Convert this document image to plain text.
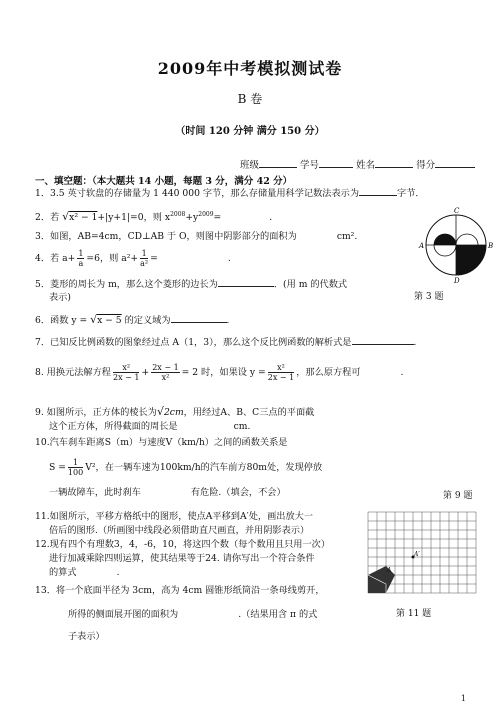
2009年中考模拟测试卷
B 卷
（时间 120 分钟 满分 150 分）
班级	学号	姓名	得分
一、填空题：（本大题共 14 小题，每题 3 分，满分 42 分）
1．3.5 英寸软盘的存储量为 1 440 000 字节，那么存储量用科学记数法表示为	字节．
2．若 √x² − 1+|y+1|=0，则 $x^{2008}+y^{2009}=$	.
3．如图，AB=4cm，CD⊥AB 于 O，则图中阴影部分的面积为	cm².
4．若 $a+ \frac{1}{a} =6$，则 $a^2+ \frac{1}{\text{a²}}$ =	.
5．菱形的周长为 m，那么这个菱形的边长为	．(用 m 的代数式
表示)
6．函数 y = √x − 5 的定义域为	.
7．已知反比例函数的图象经过点 A（1，3），那么这个反比例函数的解析式是	.
8. 用换元法解方程 $\frac{\text{x²}}{2x - 1} + \frac{2x - 1}{\text{x²}} = 2$ 时，如果设 $y = \frac{\text{x²}}{2x - 1}$ ，那么原方程可	.
9. 如图所示，正方体的棱长为√2cm，用经过A、B、C三点的平面截
这个正方体，所得截面的周长是	cm.
10.汽车刹车距离S（m）与速度V（km/h）之间的函数关系是
$S = \frac{1}{100} V^2$，在一辆车速为100km/h的汽车前方80m处，发现停放
一辆故障车，此时刹车	有危险.（填会，不会）
11.如图所示，平移方格纸中的图形，使点A平移到A′处，画出放大一
倍后的图形.（所画图中线段必须借助直尺画直，并用阴影表示）
12.现有四个有理数3，4，-6，10，将这四个数（每个数用且只用一次）
进行加减乘除四则运算，使其结果等于24. 请你写出一个符合条件
的算式	.
13．将一个底面半径为 3cm，高为 4cm 圆锥形纸筒沿一条母线剪开，
所得的侧面展开图的面积为	.（结果用含 π 的式
子表示）
C
A	B
D
O
第 3 题
第 9 题
A′
A
第 11 题
1
